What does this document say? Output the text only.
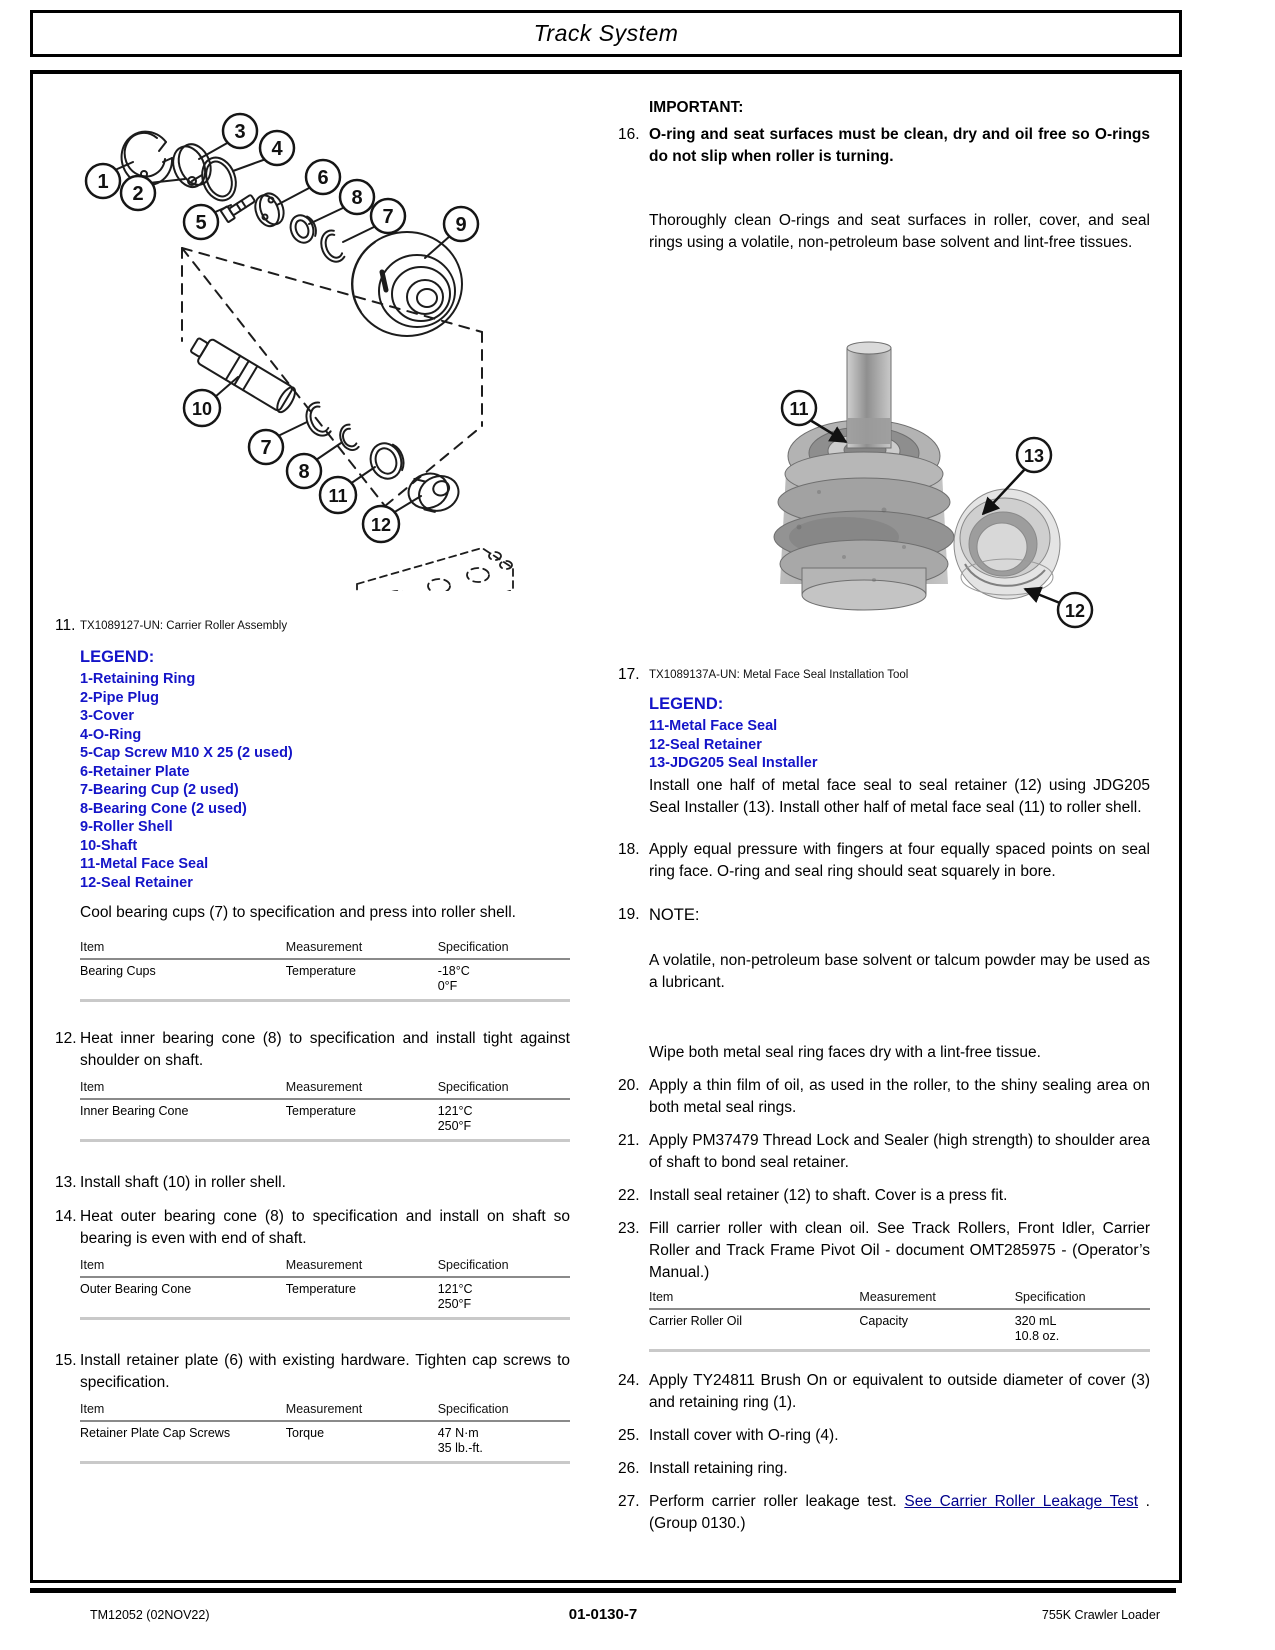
Track System
1
2
3
4
5
6
8
7	9
10
7
8
11
12
11. TX1089127-UN: Carrier Roller Assembly
LEGEND:
1-Retaining Ring
2-Pipe Plug
3-Cover
4-O-Ring
5-Cap Screw M10 X 25 (2 used)
6-Retainer Plate
7-Bearing Cup (2 used)
8-Bearing Cone (2 used)
9-Roller Shell
10-Shaft
11-Metal Face Seal
12-Seal Retainer
Cool bearing cups (7) to specification and press into roller shell.
Item	Measurement	Specification
Bearing Cups	Temperature	-18°C
0°F
12. Heat inner bearing cone (8) to specification and install tight against shoulder on shaft.
Item	Measurement	Specification
Inner Bearing Cone	Temperature	121°C
250°F
13. Install shaft (10) in roller shell.
14. Heat outer bearing cone (8) to specification and install on shaft so bearing is even with end of shaft.
Item	Measurement	Specification
Outer Bearing Cone	Temperature	121°C
250°F
15. Install retainer plate (6) with existing hardware. Tighten cap screws to specification.
Item	Measurement	Specification
Retainer Plate Cap Screws	Torque	47 N·m
35 lb.-ft.
IMPORTANT:
16. O-ring and seat surfaces must be clean, dry and oil free so O-rings do not slip when roller is turning.
Thoroughly clean O-rings and seat surfaces in roller, cover, and seal rings using a volatile, non-petroleum base solvent and lint-free tissues.
11
13
12
17. TX1089137A-UN: Metal Face Seal Installation Tool
LEGEND:
11-Metal Face Seal
12-Seal Retainer
13-JDG205 Seal Installer
Install one half of metal face seal to seal retainer (12) using JDG205 Seal Installer (13). Install other half of metal face seal (11) to roller shell.
18. Apply equal pressure with fingers at four equally spaced points on seal ring face. O-ring and seal ring should seat squarely in bore.
19. NOTE:
A volatile, non-petroleum base solvent or talcum powder may be used as a lubricant.
Wipe both metal seal ring faces dry with a lint-free tissue.
20. Apply a thin film of oil, as used in the roller, to the shiny sealing area on both metal seal rings.
21. Apply PM37479 Thread Lock and Sealer (high strength) to shoulder area of shaft to bond seal retainer.
22. Install seal retainer (12) to shaft. Cover is a press fit.
23. Fill carrier roller with clean oil. See Track Rollers, Front Idler, Carrier Roller and Track Frame Pivot Oil - document OMT285975 - (Operator’s Manual.)
Item	Measurement	Specification
Carrier Roller Oil	Capacity	320 mL
10.8 oz.
24. Apply TY24811 Brush On or equivalent to outside diameter of cover (3) and retaining ring (1).
25. Install cover with O-ring (4).
26. Install retaining ring.
27. Perform carrier roller leakage test. See Carrier Roller Leakage Test . (Group 0130.)
TM12052 (02NOV22)	01-0130-7	755K Crawler Loader
